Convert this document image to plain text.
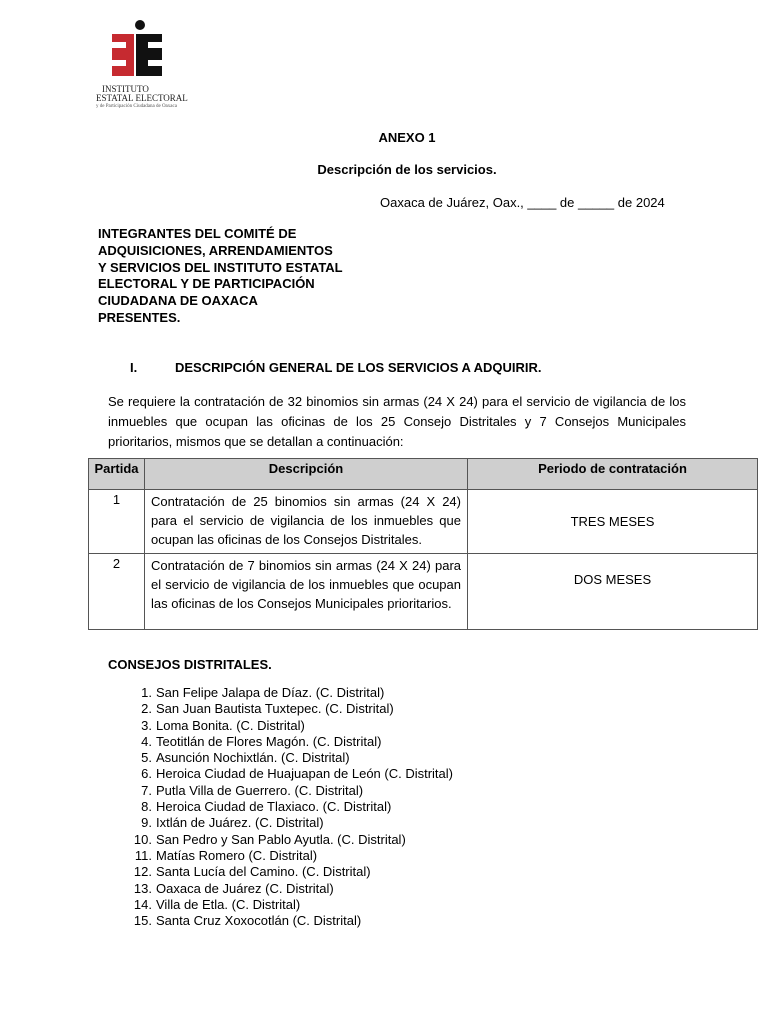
INSTITUTO
ESTATAL ELECTORAL
y de Participación Ciudadana de Oaxaca
ANEXO 1
Descripción de los servicios.
Oaxaca de Juárez, Oax., ____ de _____ de 2024
INTEGRANTES DEL COMITÉ DE
ADQUISICIONES, ARRENDAMIENTOS
Y SERVICIOS DEL INSTITUTO ESTATAL
ELECTORAL Y DE PARTICIPACIÓN
CIUDADANA DE OAXACA
PRESENTES.
I.	DESCRIPCIÓN GENERAL DE LOS SERVICIOS A ADQUIRIR.
Se requiere la contratación de 32 binomios sin armas (24 X 24) para el servicio de vigilancia de los inmuebles que ocupan las oficinas de los 25 Consejo Distritales y 7 Consejos Municipales prioritarios, mismos que se detallan a continuación:
Partida	Descripción	Periodo de contratación
1	Contratación de 25 binomios sin armas (24 X 24) para el servicio de vigilancia de los inmuebles que ocupan las oficinas de los Consejos Distritales.	TRES MESES
2	Contratación de 7 binomios sin armas (24 X 24) para el servicio de vigilancia de los inmuebles que ocupan las oficinas de los Consejos Municipales prioritarios.	DOS MESES
CONSEJOS DISTRITALES.
1. San Felipe Jalapa de Díaz. (C. Distrital)
2. San Juan Bautista Tuxtepec. (C. Distrital)
3. Loma Bonita. (C. Distrital)
4. Teotitlán de Flores Magón. (C. Distrital)
5. Asunción Nochixtlán. (C. Distrital)
6. Heroica Ciudad de Huajuapan de León (C. Distrital)
7. Putla Villa de Guerrero. (C. Distrital)
8. Heroica Ciudad de Tlaxiaco. (C. Distrital)
9. Ixtlán de Juárez. (C. Distrital)
10. San Pedro y San Pablo Ayutla. (C. Distrital)
11. Matías Romero (C. Distrital)
12. Santa Lucía del Camino. (C. Distrital)
13. Oaxaca de Juárez (C. Distrital)
14. Villa de Etla. (C. Distrital)
15. Santa Cruz Xoxocotlán (C. Distrital)
